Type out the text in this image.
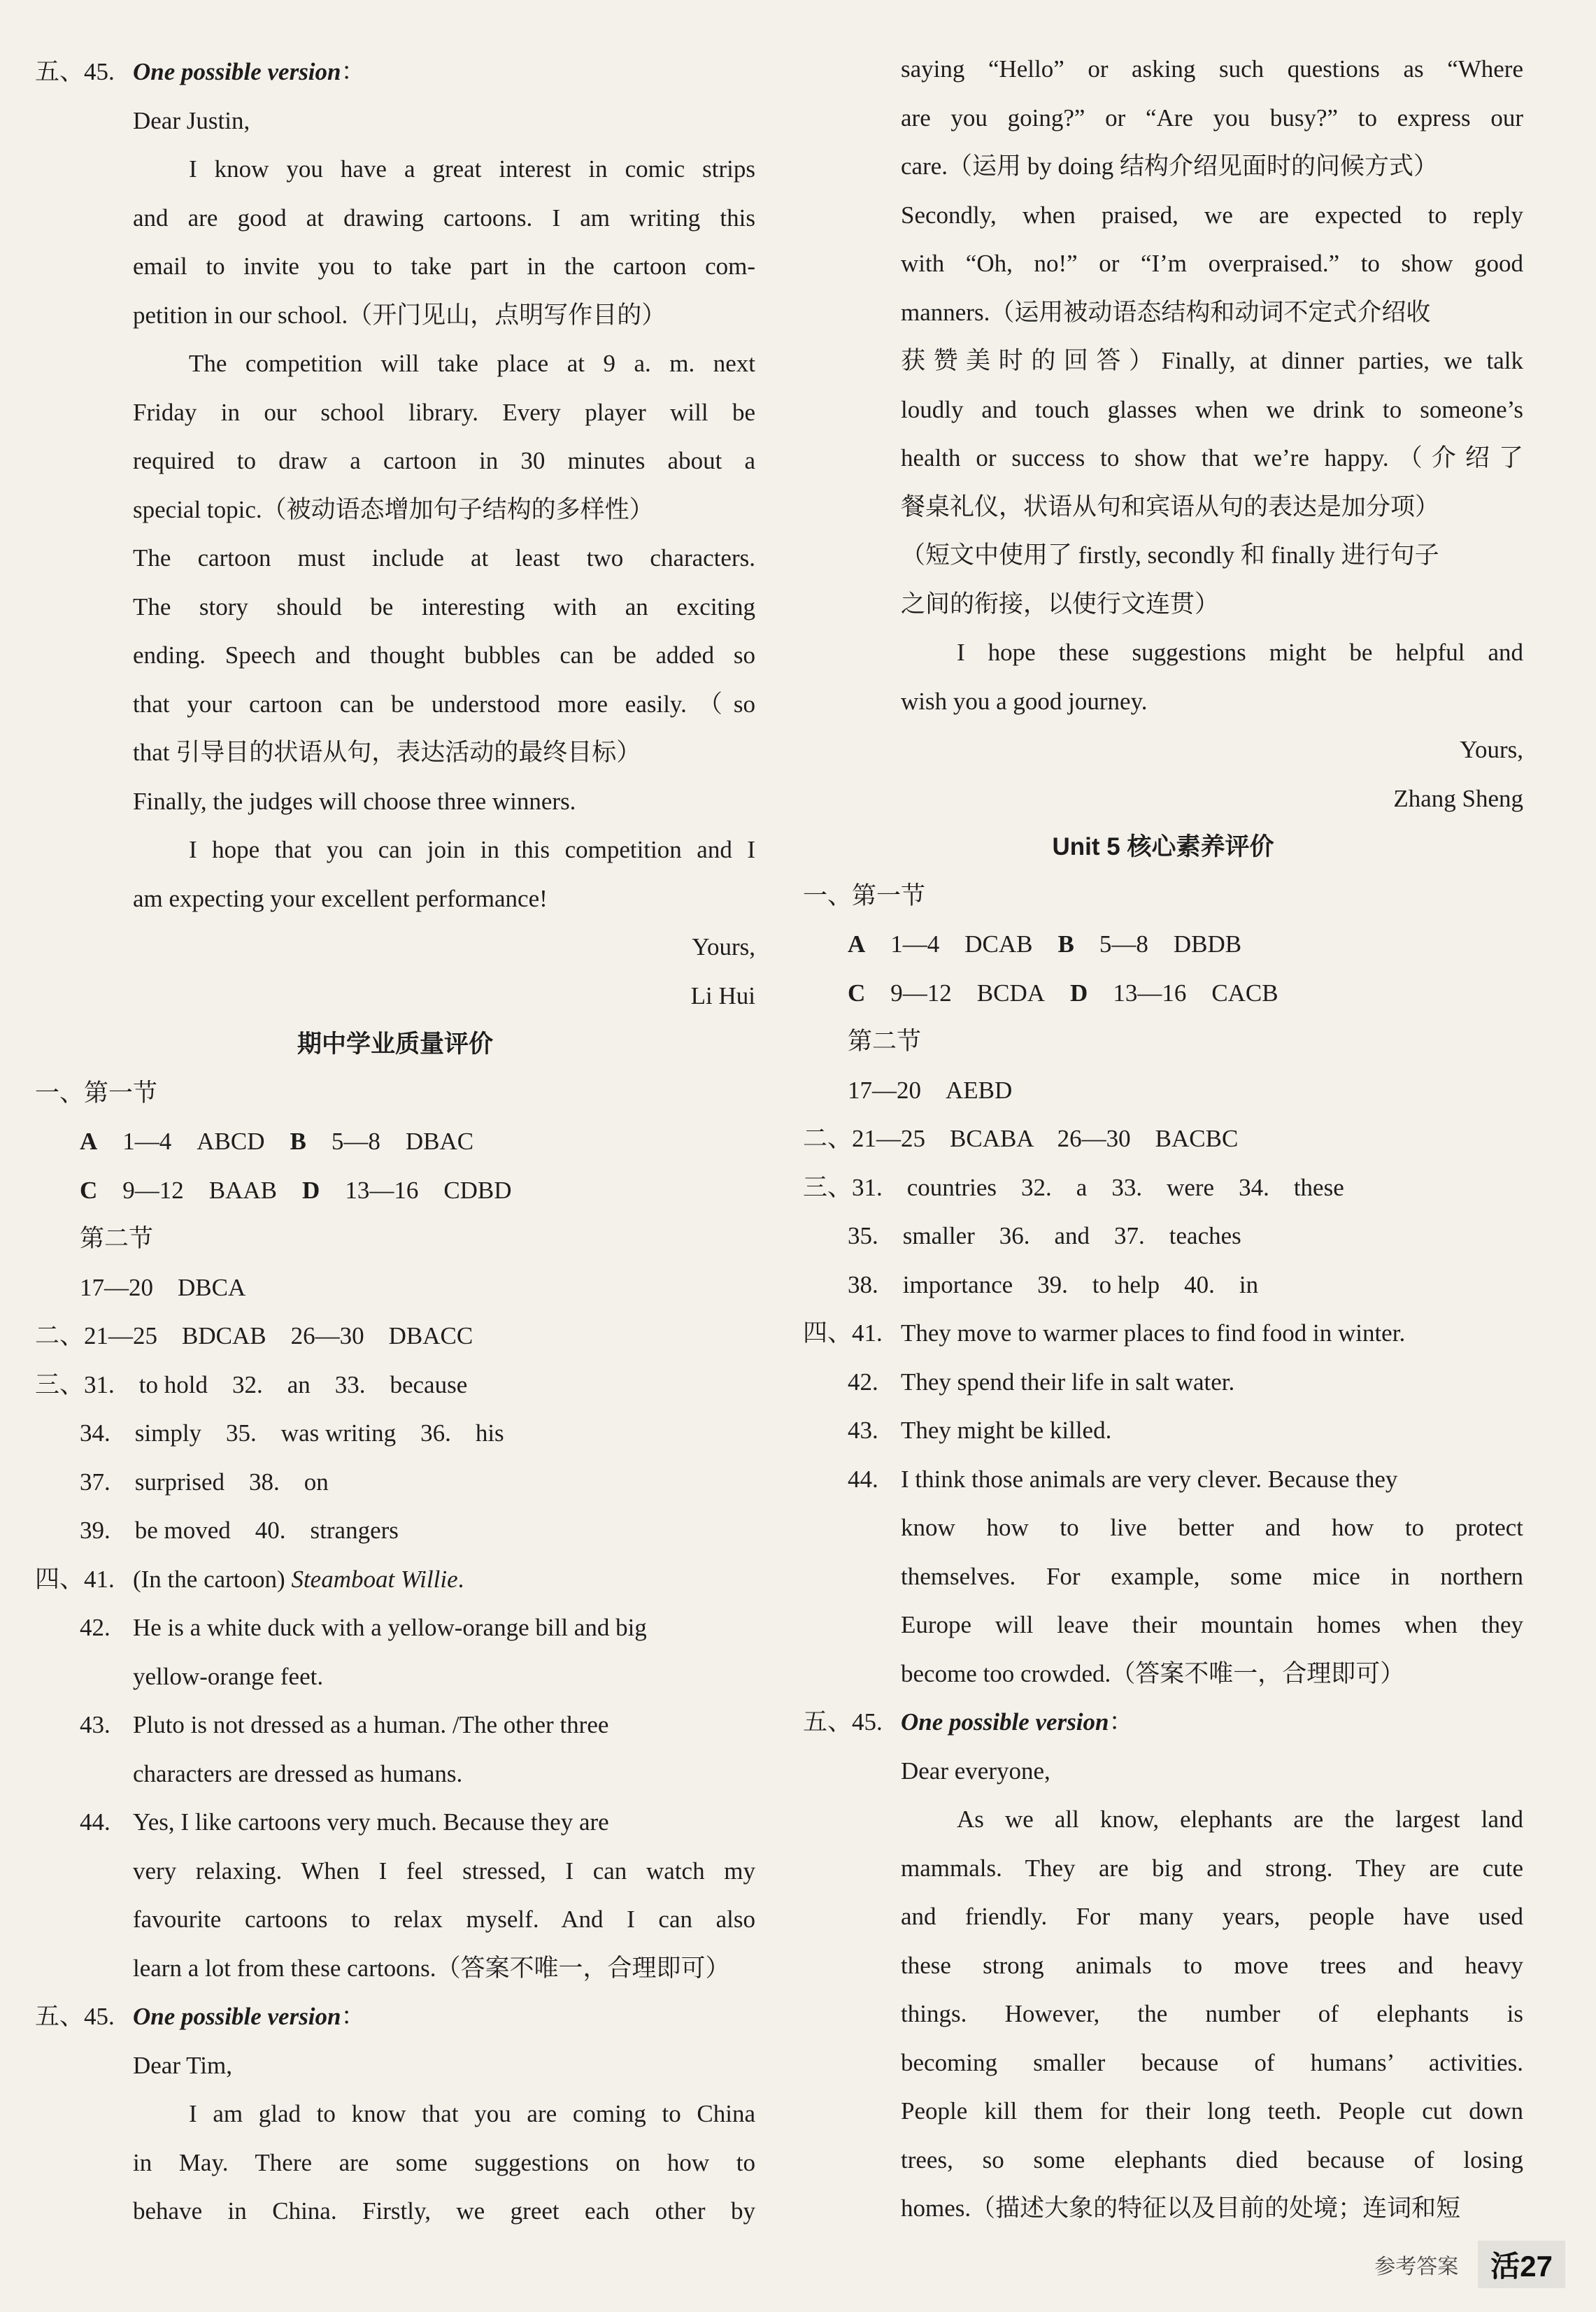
五、45. One possible version：
Dear Justin,
I know you have a great interest in comic strips
and are good at drawing cartoons. I am writing this
email to invite you to take part in the cartoon com-
petition in our school.（开门见山，点明写作目的）
The competition will take place at 9 a. m. next
Friday in our school library. Every player will be
required to draw a cartoon in 30 minutes about a
special topic.（被动语态增加句子结构的多样性）
The cartoon must include at least two characters.
The story should be interesting with an exciting
ending. Speech and thought bubbles can be added so
that your cartoon can be understood more easily.（so
that 引导目的状语从句，表达活动的最终目标）
Finally, the judges will choose three winners.
I hope that you can join in this competition and I
am expecting your excellent performance!
Yours,
Li Hui
期中学业质量评价
一、第一节
A 1—4 ABCD B 5—8 DBAC
C 9—12 BAAB D 13—16 CDBD
第二节
17—20　DBCA
二、21—25　BDCAB　26—30　DBACC
三、31.　to hold　32.　an　33.　because
34.　simply　35.　was writing　36.　his
37.　surprised　38.　on
39.　be moved　40.　strangers
四、41. (In the cartoon) Steamboat Willie.
42. He is a white duck with a yellow-orange bill and big
yellow-orange feet.
43. Pluto is not dressed as a human. /The other three
characters are dressed as humans.
44. Yes, I like cartoons very much. Because they are
very relaxing. When I feel stressed, I can watch my
favourite cartoons to relax myself. And I can also
learn a lot from these cartoons.（答案不唯一，合理即可）
五、45. One possible version：
Dear Tim,
I am glad to know that you are coming to China
in May. There are some suggestions on how to
behave in China. Firstly, we greet each other by
saying “Hello” or asking such questions as “Where
are you going?” or “Are you busy?” to express our
care.（运用 by doing 结构介绍见面时的问候方式）
Secondly, when praised, we are expected to reply
with “Oh, no!” or “I’m overpraised.” to show good
manners.（运用被动语态结构和动词不定式介绍收
获赞美时的回答）Finally, at dinner parties, we talk
loudly and touch glasses when we drink to someone’s
health or success to show that we’re happy.（介绍了
餐桌礼仪，状语从句和宾语从句的表达是加分项）
（短文中使用了 firstly, secondly 和 finally 进行句子
之间的衔接，以使行文连贯）
I hope these suggestions might be helpful and
wish you a good journey.
Yours,
Zhang Sheng
Unit 5 核心素养评价
一、第一节
A 1—4 DCAB B 5—8 DBDB
C 9—12 BCDA D 13—16 CACB
第二节
17—20　AEBD
二、21—25　BCABA　26—30　BACBC
三、31.　countries　32.　a　33.　were　34.　these
35.　smaller　36.　and　37.　teaches
38.　importance　39.　to help　40.　in
四、41. They move to warmer places to find food in winter.
42. They spend their life in salt water.
43. They might be killed.
44. I think those animals are very clever. Because they
know how to live better and how to protect
themselves. For example, some mice in northern
Europe will leave their mountain homes when they
become too crowded.（答案不唯一，合理即可）
五、45. One possible version：
Dear everyone,
As we all know, elephants are the largest land
mammals. They are big and strong. They are cute
and friendly. For many years, people have used
these strong animals to move trees and heavy
things. However, the number of elephants is
becoming smaller because of humans’ activities.
People kill them for their long teeth. People cut down
trees, so some elephants died because of losing
homes.（描述大象的特征以及目前的处境；连词和短
参考答案	活27
